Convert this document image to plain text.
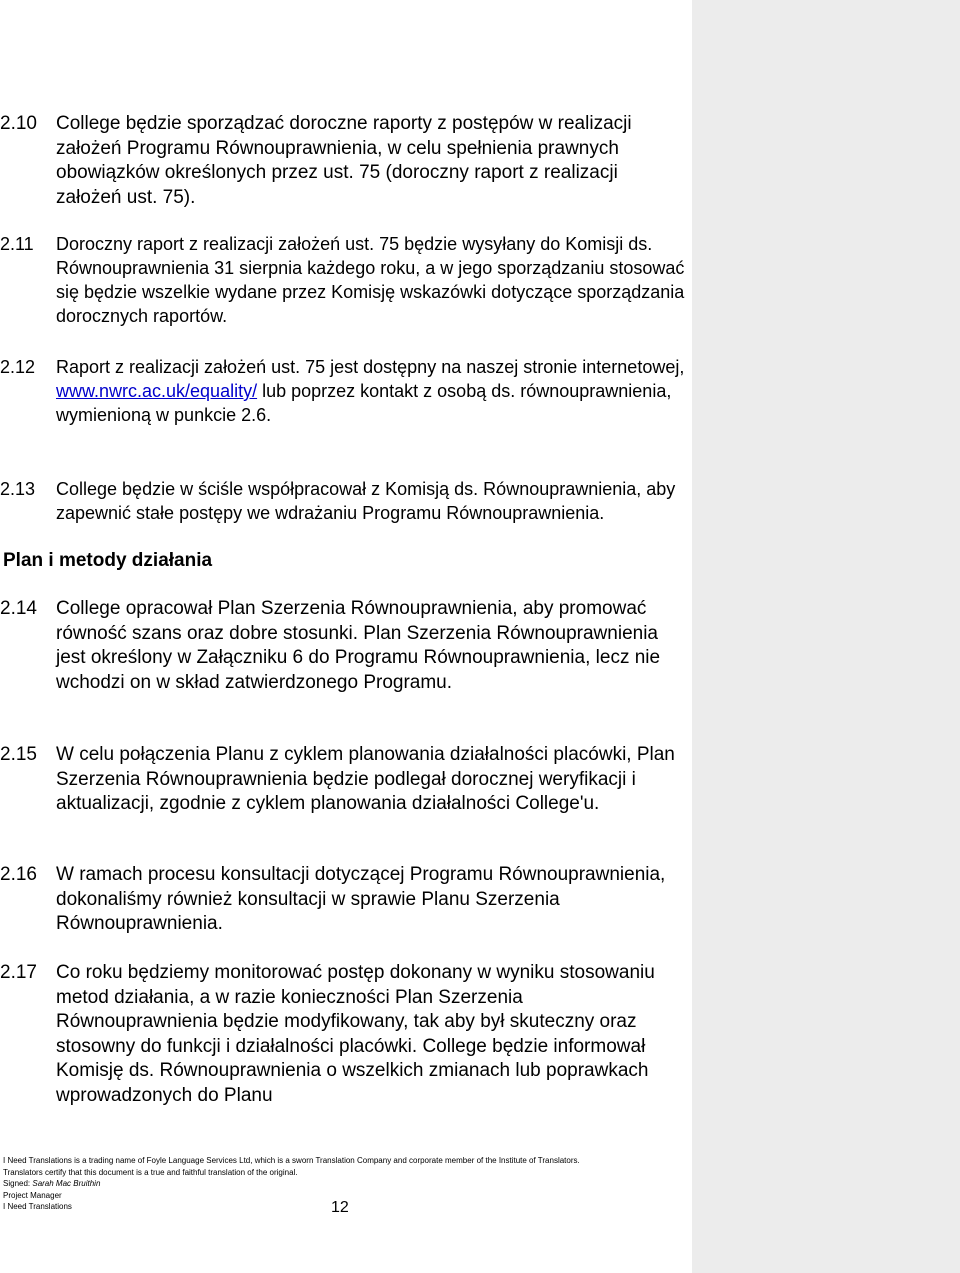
2.10	College będzie sporządzać doroczne raporty z postępów w realizacji założeń Programu Równouprawnienia, w celu spełnienia prawnych obowiązków określonych przez ust. 75 (doroczny raport z realizacji założeń ust. 75).
2.11	Doroczny raport z realizacji założeń ust. 75 będzie wysyłany do Komisji ds. Równouprawnienia 31 sierpnia każdego roku, a w jego sporządzaniu stosować się będzie wszelkie wydane przez Komisję wskazówki dotyczące sporządzania dorocznych raportów.
2.12	Raport z realizacji założeń ust. 75 jest dostępny na naszej stronie internetowej, www.nwrc.ac.uk/equality/ lub poprzez kontakt z osobą ds. równouprawnienia, wymienioną w punkcie 2.6.
2.13	College będzie w ściśle współpracował z Komisją ds. Równouprawnienia, aby zapewnić stałe postępy we wdrażaniu Programu Równouprawnienia.
Plan i metody działania
2.14	College opracował Plan Szerzenia Równouprawnienia, aby promować równość szans oraz dobre stosunki. Plan Szerzenia Równouprawnienia jest określony w Załączniku 6 do Programu Równouprawnienia, lecz nie wchodzi on w skład zatwierdzonego Programu.
2.15	W celu połączenia Planu z cyklem planowania działalności placówki, Plan Szerzenia Równouprawnienia będzie podlegał dorocznej weryfikacji i aktualizacji, zgodnie z cyklem planowania działalności College'u.
2.16	W ramach procesu konsultacji dotyczącej Programu Równouprawnienia, dokonaliśmy również konsultacji w sprawie Planu Szerzenia Równouprawnienia.
2.17	Co roku będziemy monitorować postęp dokonany w wyniku stosowaniu metod działania, a w razie konieczności Plan Szerzenia Równouprawnienia będzie modyfikowany, tak aby był skuteczny oraz stosowny do funkcji i działalności placówki. College będzie informował Komisję ds. Równouprawnienia o wszelkich zmianach lub poprawkach wprowadzonych do Planu
I Need Translations is a trading name of Foyle Language Services Ltd, which is a sworn Translation Company and corporate member of the Institute of Translators.
Translators certify that this document is a true and faithful translation of the original.
Signed: Sarah Mac Bruithin
Project Manager
I Need Translations	12
